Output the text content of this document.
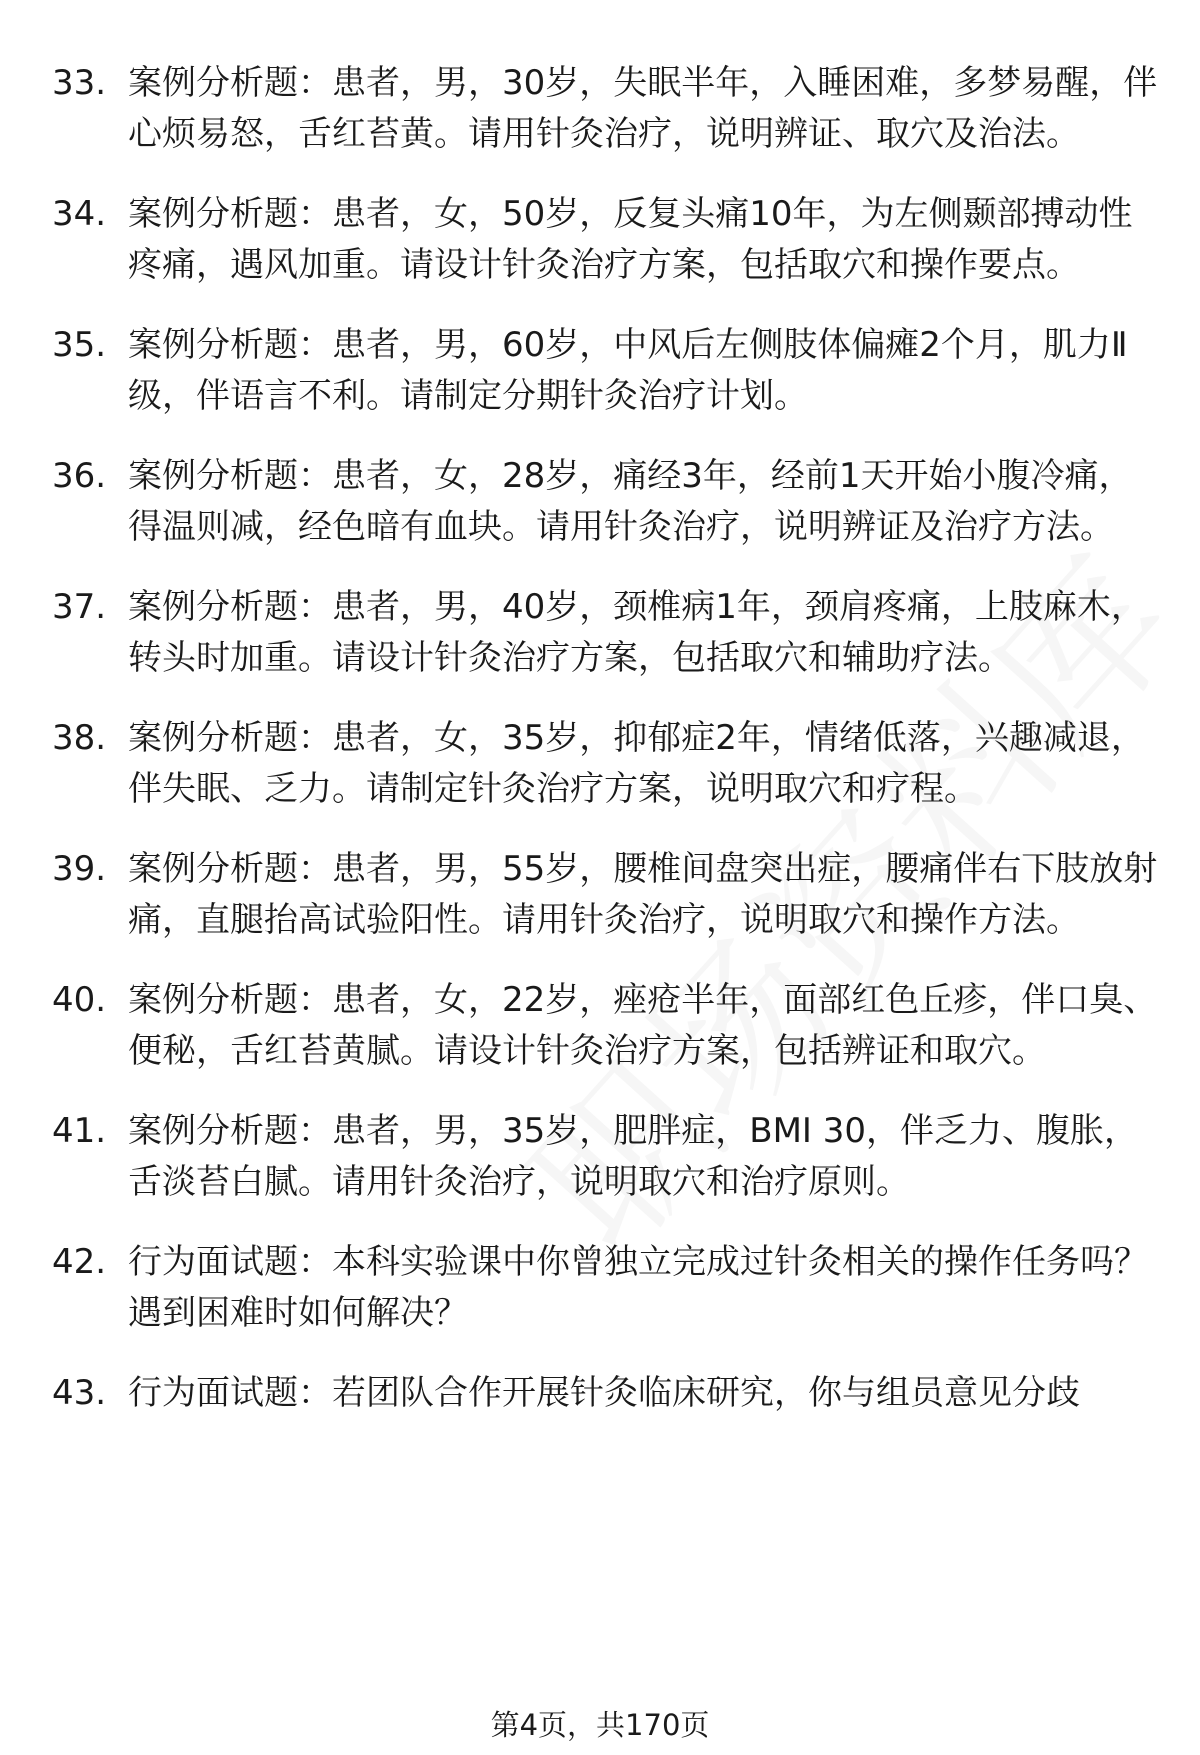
33. 案例分析题：患者，男，30岁，失眠半年，入睡困难，多梦易醒，伴心烦易怒，舌红苔黄。请用针灸治疗，说明辨证、取穴及治法。
34. 案例分析题：患者，女，50岁，反复头痛10年，为左侧颞部搏动性疼痛，遇风加重。请设计针灸治疗方案，包括取穴和操作要点。
35. 案例分析题：患者，男，60岁，中风后左侧肢体偏瘫2个月，肌力Ⅱ级，伴语言不利。请制定分期针灸治疗计划。
36. 案例分析题：患者，女，28岁，痛经3年，经前1天开始小腹冷痛，得温则减，经色暗有血块。请用针灸治疗，说明辨证及治疗方法。
37. 案例分析题：患者，男，40岁，颈椎病1年，颈肩疼痛，上肢麻木，转头时加重。请设计针灸治疗方案，包括取穴和辅助疗法。
38. 案例分析题：患者，女，35岁，抑郁症2年，情绪低落，兴趣减退，伴失眠、乏力。请制定针灸治疗方案，说明取穴和疗程。
39. 案例分析题：患者，男，55岁，腰椎间盘突出症，腰痛伴右下肢放射痛，直腿抬高试验阳性。请用针灸治疗，说明取穴和操作方法。
40. 案例分析题：患者，女，22岁，痤疮半年，面部红色丘疹，伴口臭、便秘，舌红苔黄腻。请设计针灸治疗方案，包括辨证和取穴。
41. 案例分析题：患者，男，35岁，肥胖症，BMI 30，伴乏力、腹胀，舌淡苔白腻。请用针灸治疗，说明取穴和治疗原则。
42. 行为面试题：本科实验课中你曾独立完成过针灸相关的操作任务吗？遇到困难时如何解决？
43. 行为面试题：若团队合作开展针灸临床研究，你与组员意见分歧
第4页，共170页
